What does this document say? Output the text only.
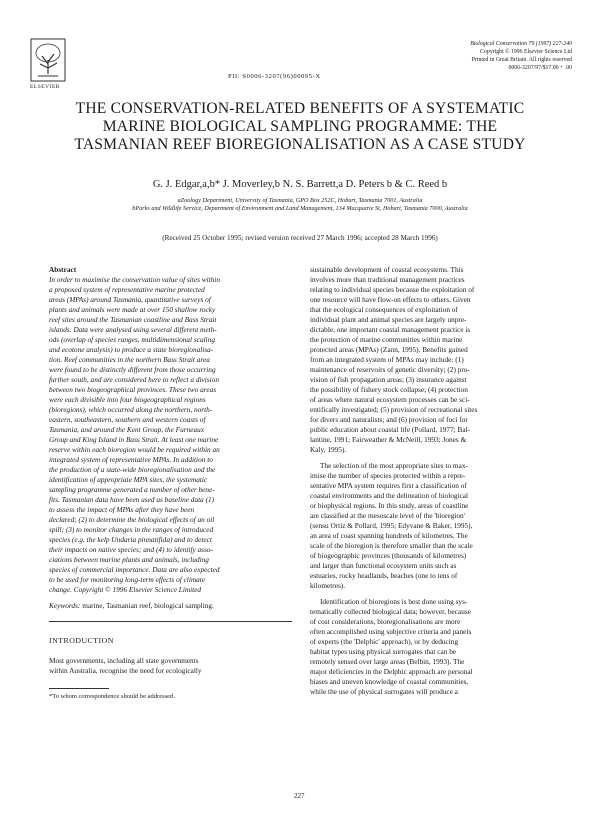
ELSEVIER
PII: S0006-3207(96)00095-X
Biological Conservation 79 (1997) 227-240
Copyright © 1996 Elsevier Science Ltd
Printed in Great Britain. All rights reserved
0006-3207/97/$17.00 + .00
THE CONSERVATION-RELATED BENEFITS OF A SYSTEMATIC
MARINE BIOLOGICAL SAMPLING PROGRAMME: THE
TASMANIAN REEF BIOREGIONALISATION AS A CASE STUDY
G. J. Edgar,a,b* J. Moverley,b N. S. Barrett,a D. Peters b & C. Reed b
aZoology Department, University of Tasmania, GPO Box 252C, Hobart, Tasmania 7001, Australia
bParks and Wildlife Service, Department of Environment and Land Management, 134 Macquarie St, Hobart, Tasmania 7000, Australia
(Received 25 October 1995; revised version received 27 March 1996; accepted 28 March 1996)
Abstract
In order to maximise the conservation value of sites within
a proposed system of representative marine protected
areas (MPAs) around Tasmania, quantitative surveys of
plants and animals were made at over 150 shallow rocky
reef sites around the Tasmanian coastline and Bass Strait
islands. Data were analysed using several different meth-
ods (overlap of species ranges, multidimensional scaling
and ecotone analysis) to produce a state bioregionalisa-
tion. Reef communities in the northern Bass Strait area
were found to be distinctly different from those occurring
further south, and are considered here to reflect a division
between two biogeographical provinces. These two areas
were each divisible into four biogeographical regions
(bioregions), which occurred along the northern, north-
eastern, southeastern, southern and western coasts of
Tasmania, and around the Kent Group, the Furneaux
Group and King Island in Bass Strait. At least one marine
reserve within each bioregion would be required within an
integrated system of representative MPAs. In addition to
the production of a state-wide bioregionalisation and the
identification of appropriate MPA sites, the systematic
sampling programme generated a number of other bene-
fits. Tasmanian data have been used as baseline data (1)
to assess the impact of MPAs after they have been
declared; (2) to determine the biological effects of an oil
spill; (3) to monitor changes in the ranges of introduced
species (e.g. the kelp Undaria pinnatifida) and to detect
their impacts on native species; and (4) to identify asso-
ciations between marine plants and animals, including
species of commercial importance. Data are also expected
to be used for monitoring long-term effects of climate
change. Copyright © 1996 Elsevier Science Limited
Keywords: marine, Tasmanian reef, biological sampling.
INTRODUCTION
Most governments, including all state governments
within Australia, recognise the need for ecologically
*To whom correspondence should be addressed.
sustainable development of coastal ecosystems. This
involves more than traditional management practices
relating to individual species because the exploitation of
one resource will have flow-on effects to others. Given
that the ecological consequences of exploitation of
individual plant and animal species are largely unpre-
dictable, one important coastal management practice is
the protection of marine communities within marine
protected areas (MPAs) (Zann, 1995). Benefits gained
from an integrated system of MPAs may include: (1)
maintenance of reservoirs of genetic diversity; (2) pro-
vision of fish propagation areas; (3) insurance against
the possibility of fishery stock collapse; (4) protection
of areas where natural ecosystem processes can be sci-
entifically investigated; (5) provision of recreational sites
for divers and naturalists; and (6) provision of foci for
public education about coastal life (Pollard, 1977; Bal-
lantine, 1991; Fairweather & McNeill, 1993; Jones &
Kaly, 1995).
The selection of the most appropriate sites to max-
imise the number of species protected within a repre-
sentative MPA system requires first a classification of
coastal environments and the delineation of biological
or biophysical regions. In this study, areas of coastline
are classified at the mesoscale level of the 'bioregion'
(sensu Ortiz & Pollard, 1995; Edyvane & Baker, 1995),
an area of coast spanning hundreds of kilometres. The
scale of the bioregion is therefore smaller than the scale
of biogeographic provinces (thousands of kilometres)
and larger than functional ecosystem units such as
estuaries, rocky headlands, beaches (one to tens of
kilometres).
Identification of bioregions is best done using sys-
tematically collected biological data; however, because
of cost considerations, bioregionalisations are more
often accomplished using subjective criteria and panels
of experts (the 'Delphic' approach), or by deducing
habitat types using physical surrogates that can be
remotely sensed over large areas (Belbin, 1993). The
major deficiencies in the Delphic approach are personal
biases and uneven knowledge of coastal communities,
while the use of physical surrogates will produce a
227
